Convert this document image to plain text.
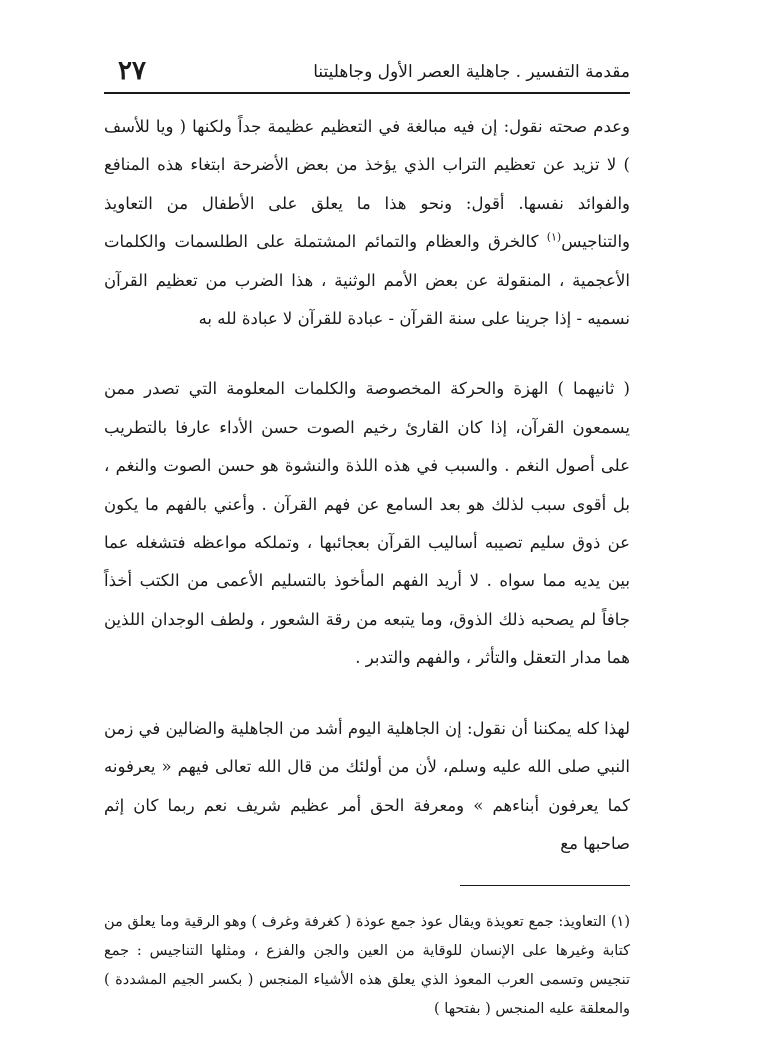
مقدمة التفسير . جاهلية العصر الأول وجاهليتنا
٢٧

وعدم صحته نقول: إن فيه مبالغة في التعظيم عظيمة جداً ولكنها ( ويا للأسف ) لا تزيد عن تعظيم التراب الذي يؤخذ من بعض الأضرحة ابتغاء هذه المنافع والفوائد نفسها. أقول: ونحو هذا ما يعلق على الأطفال من التعاويذ والتناجيس$^{(١)}$ كالخرق والعظام والتمائم المشتملة على الطلسمات والكلمات الأعجمية ، المنقولة عن بعض الأمم الوثنية ، هذا الضرب من تعظيم القرآن نسميه - إذا جرينا على سنة القرآن - عبادة للقرآن لا عبادة لله به

( ثانيهما ) الهزة والحركة المخصوصة والكلمات المعلومة التي تصدر ممن يسمعون القرآن، إذا كان القارئ رخيم الصوت حسن الأداء عارفا بالتطريب على أصول النغم . والسبب في هذه اللذة والنشوة هو حسن الصوت والنغم ، بل أقوى سبب لذلك هو بعد السامع عن فهم القرآن . وأعني بالفهم ما يكون عن ذوق سليم تصيبه أساليب القرآن بعجائبها ، وتملكه مواعظه فتشغله عما بين يديه مما سواه . لا أريد الفهم المأخوذ بالتسليم الأعمى من الكتب أخذاً جافاً لم يصحبه ذلك الذوق، وما يتبعه من رقة الشعور ، ولطف الوجدان اللذين هما مدار التعقل والتأثر ، والفهم والتدبر .

لهذا كله يمكننا أن نقول: إن الجاهلية اليوم أشد من الجاهلية والضالين في زمن النبي صلى الله عليه وسلم، لأن من أولئك من قال الله تعالى فيهم « يعرفونه كما يعرفون أبناءهم » ومعرفة الحق أمر عظيم شريف نعم ربما كان إثم صاحبها مع

(١) التعاويذ: جمع تعويذة ويقال عوذ جمع عوذة ( كغرفة وغرف ) وهو الرقية وما يعلق من كتابة وغيرها على الإنسان للوقاية من العين والجن والفزع ، ومثلها التناجيس : جمع تنجيس وتسمى العرب المعوذ الذي يعلق هذه الأشياء المنجس ( بكسر الجيم المشددة ) والمعلقة عليه المنجس ( بفتحها )
